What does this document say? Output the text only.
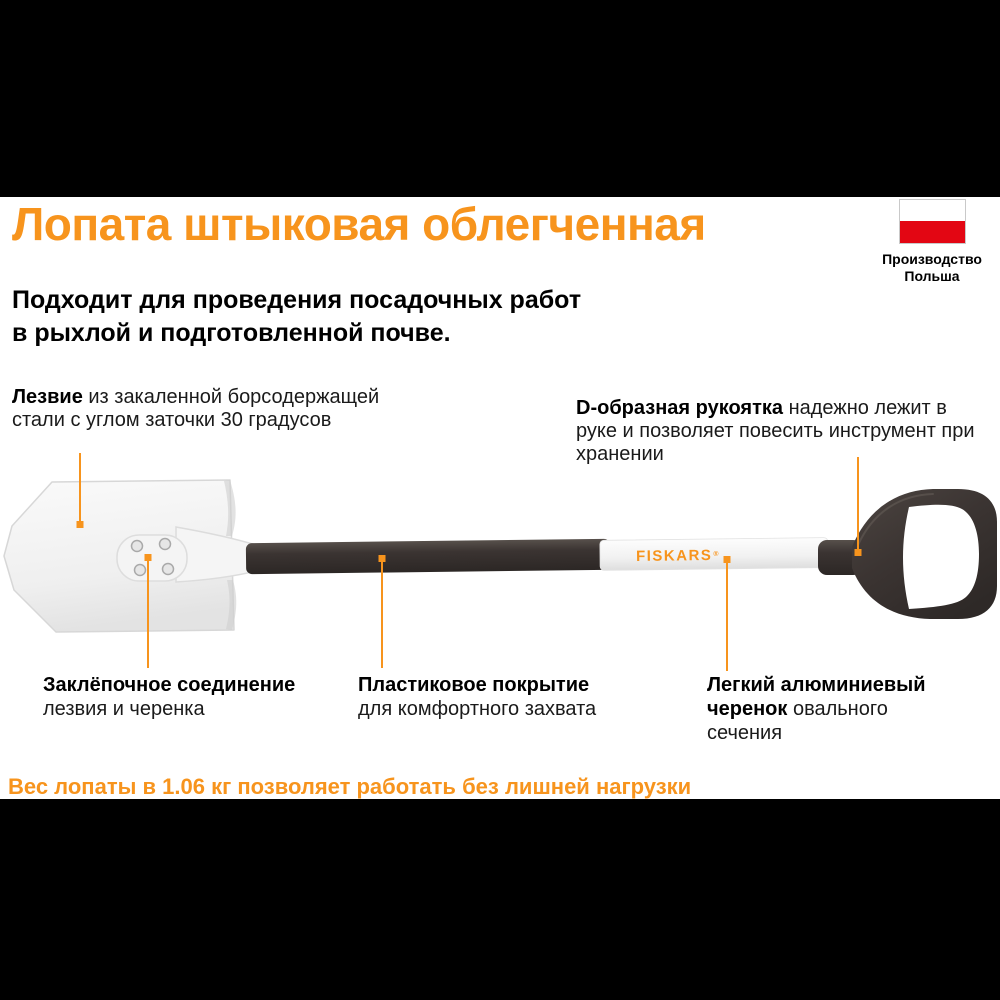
Лопата штыковая облегченная
Производство
Польша
Подходит для проведения посадочных работ
в рыхлой и подготовленной почве.
Лезвие из закаленной борсодержащей
стали с углом заточки 30 градусов
D-образная рукоятка надежно лежит в
руке и позволяет повесить инструмент при
хранении
Заклёпочное соединение
лезвия и черенка
Пластиковое покрытие
для комфортного захвата
Легкий алюминиевый
черенок овального
сечения
Вес лопаты в 1.06 кг позволяет работать без лишней нагрузки
FISKARS®
